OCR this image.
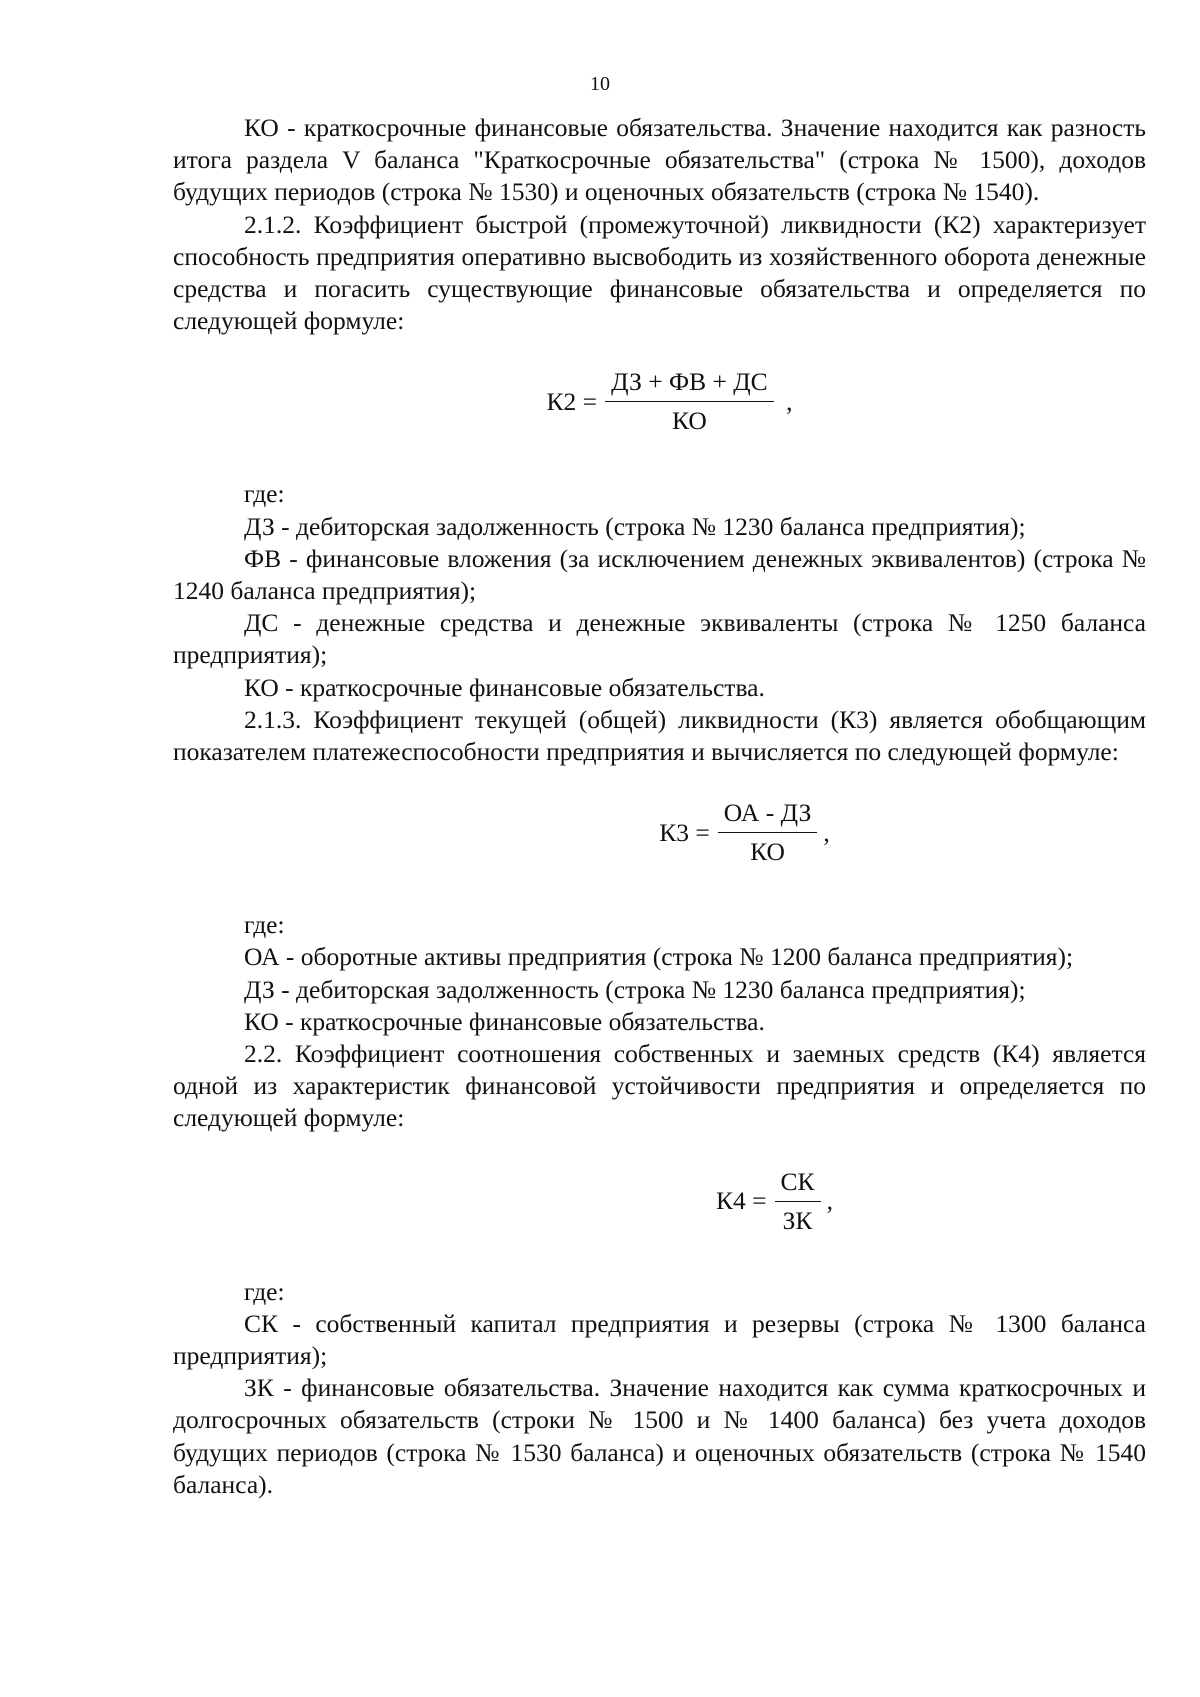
10

КО - краткосрочные финансовые обязательства. Значение находится как разность итога раздела V баланса "Краткосрочные обязательства" (строка № 1500), доходов будущих периодов (строка № 1530) и оценочных обязательств (строка № 1540).

2.1.2. Коэффициент быстрой (промежуточной) ликвидности (К2) характеризует способность предприятия оперативно высвободить из хозяйственного оборота денежные средства и погасить существующие финансовые обязательства и определяется по следующей формуле:

$К2 = \frac{ДЗ + ФВ + ДС}{КО}$ ,

где:

ДЗ - дебиторская задолженность (строка № 1230 баланса предприятия);

ФВ - финансовые вложения (за исключением денежных эквивалентов) (строка № 1240 баланса предприятия);

ДС - денежные средства и денежные эквиваленты (строка № 1250 баланса предприятия);

КО - краткосрочные финансовые обязательства.

2.1.3. Коэффициент текущей (общей) ликвидности (К3) является обобщающим показателем платежеспособности предприятия и вычисляется по следующей формуле:

$К3 = \frac{ОА - ДЗ}{КО}$ ,

где:

ОА - оборотные активы предприятия (строка № 1200 баланса предприятия);

ДЗ - дебиторская задолженность (строка № 1230 баланса предприятия);

КО - краткосрочные финансовые обязательства.

2.2. Коэффициент соотношения собственных и заемных средств (К4) является одной из характеристик финансовой устойчивости предприятия и определяется по следующей формуле:

$К4 = \frac{СК}{ЗК}$ ,

где:

СК - собственный капитал предприятия и резервы (строка № 1300 баланса предприятия);

ЗК - финансовые обязательства. Значение находится как сумма краткосрочных и долгосрочных обязательств (строки № 1500 и № 1400 баланса) без учета доходов будущих периодов (строка № 1530 баланса) и оценочных обязательств (строка № 1540 баланса).
